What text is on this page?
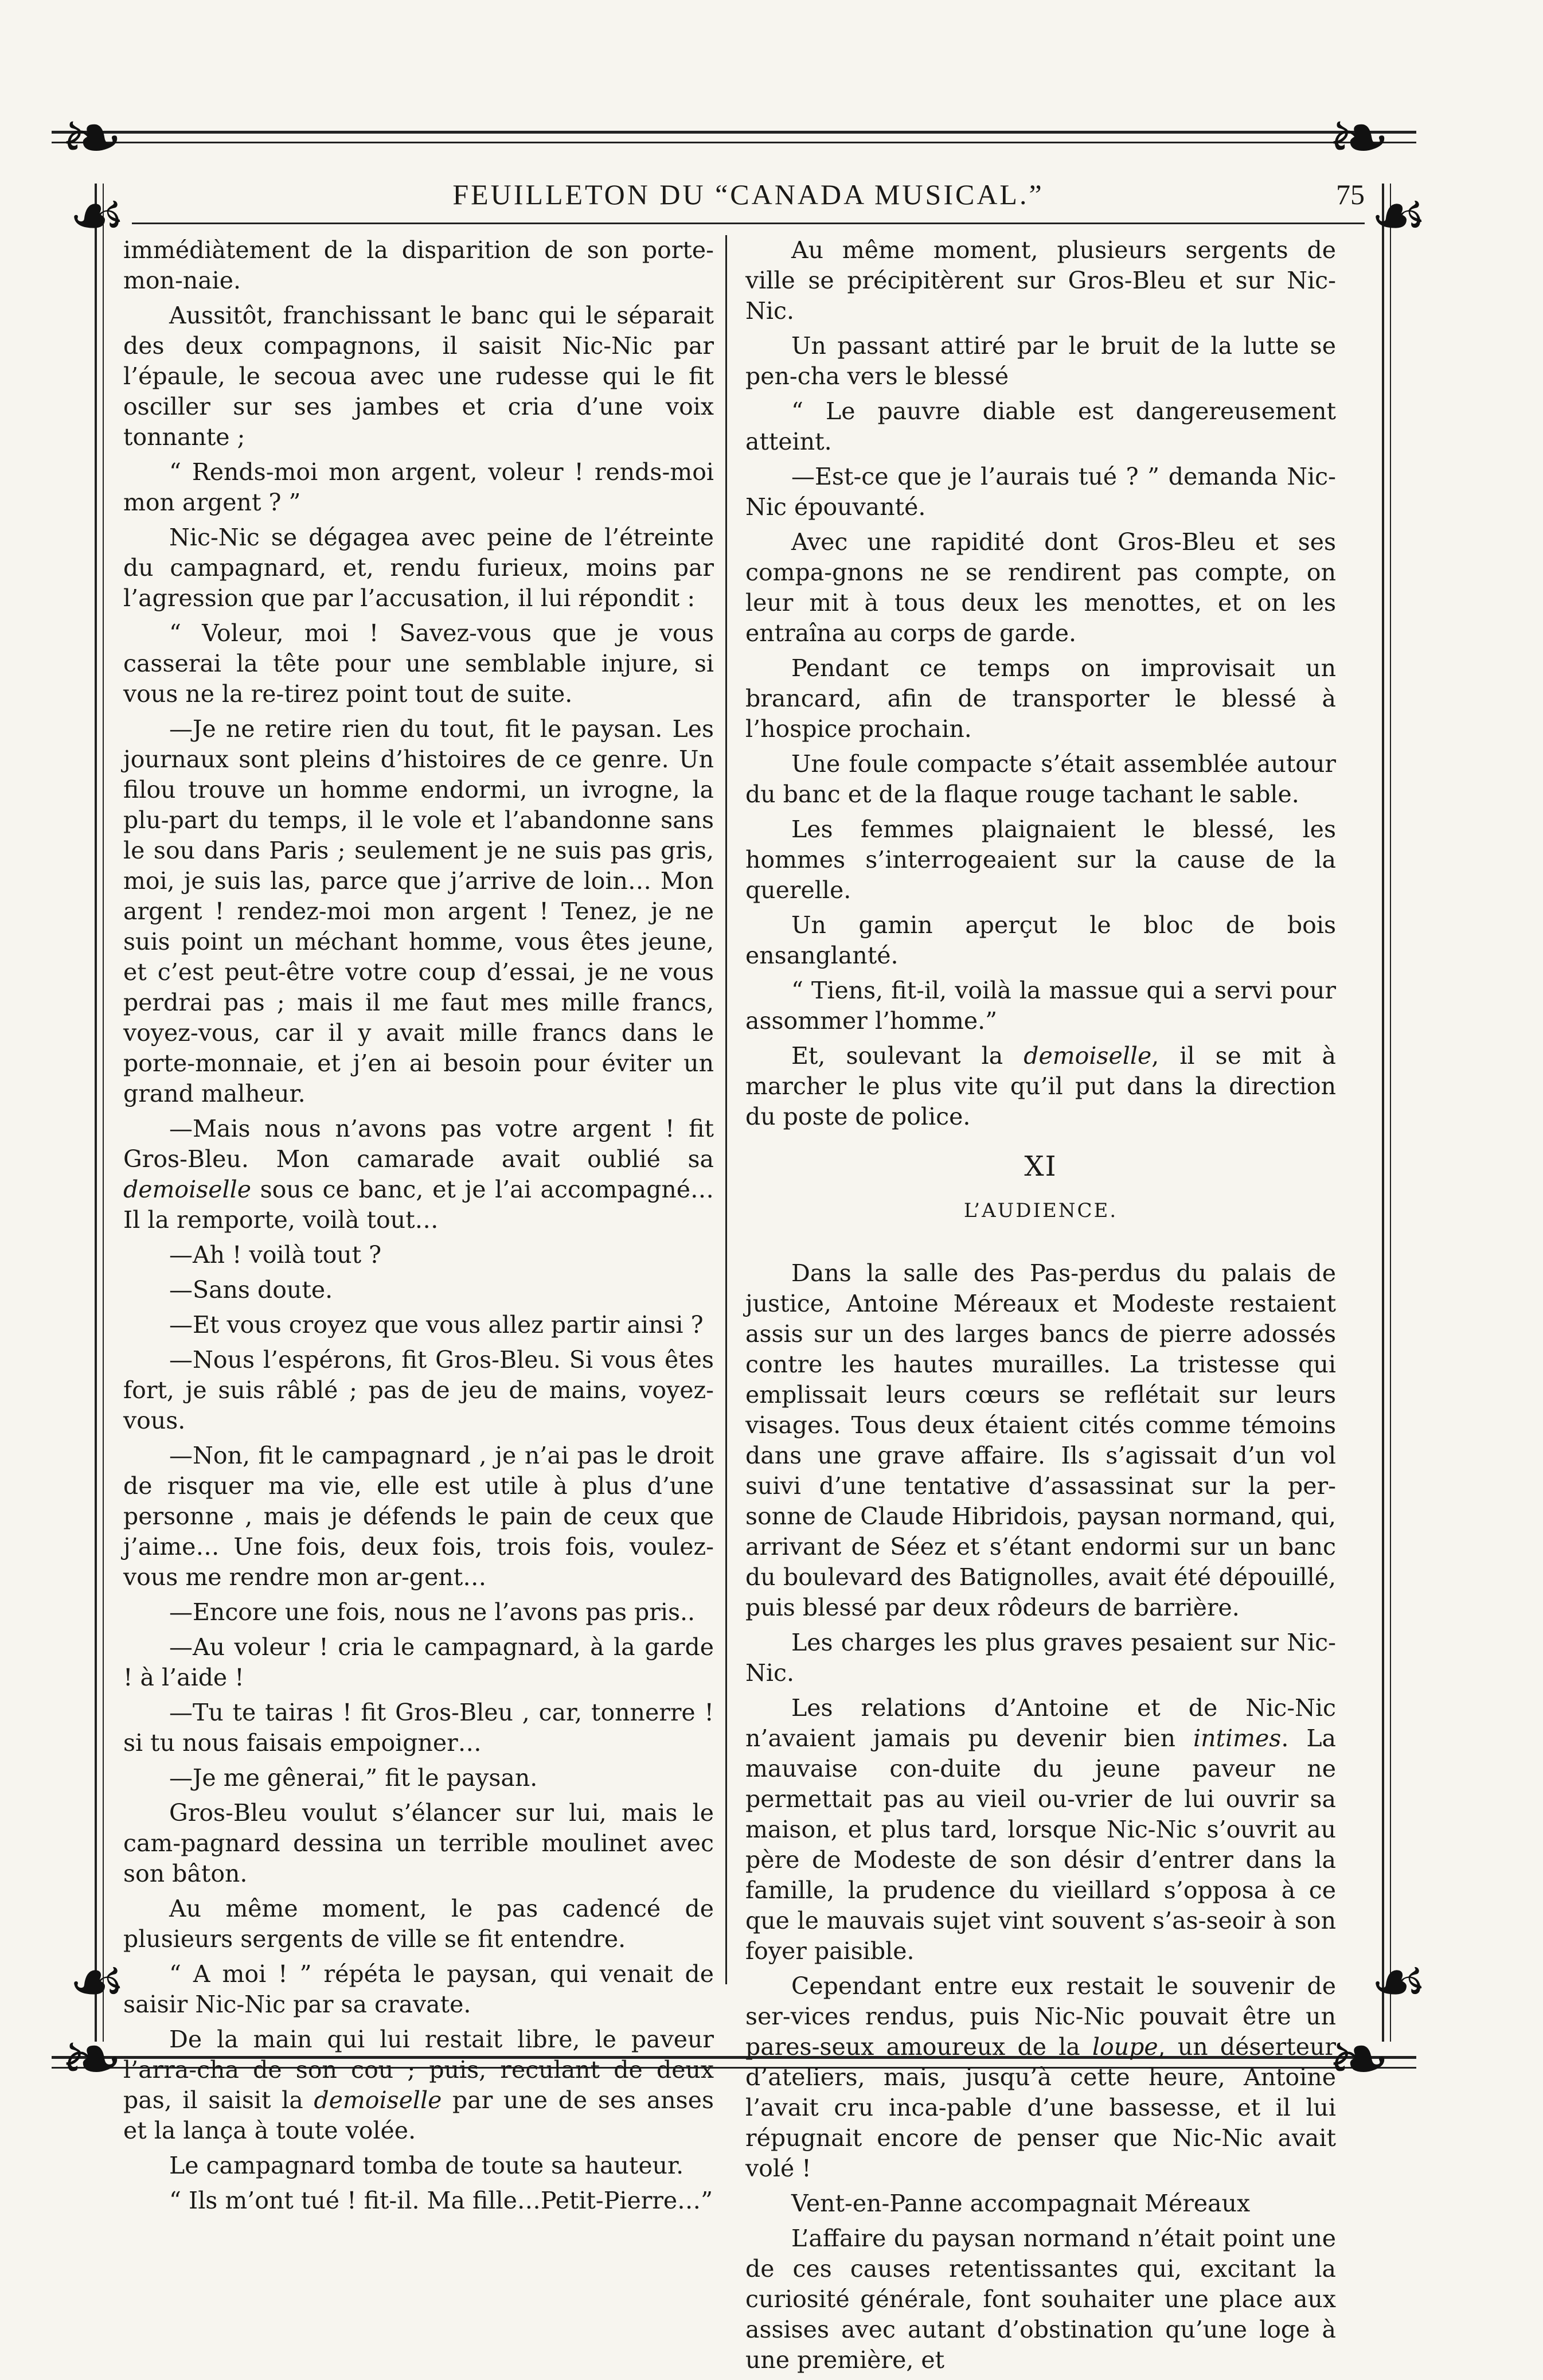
❧	❧
❧	❧
☙	☙
☙	☙
FEUILLETON DU “CANADA MUSICAL.”	75

immédiàtement de la disparition de son porte-mon-naie.

Aussitôt, franchissant le banc qui le séparait des deux compagnons, il saisit Nic-Nic par l’épaule, le secoua avec une rudesse qui le fit osciller sur ses jambes et cria d’une voix tonnante ;

“ Rends-moi mon argent, voleur ! rends-moi mon argent ? ”

Nic-Nic se dégagea avec peine de l’étreinte du campagnard, et, rendu furieux, moins par l’agression que par l’accusation, il lui répondit :

“ Voleur, moi ! Savez-vous que je vous casserai la tête pour une semblable injure, si vous ne la re-tirez point tout de suite.

—Je ne retire rien du tout, fit le paysan. Les journaux sont pleins d’histoires de ce genre. Un filou trouve un homme endormi, un ivrogne, la plu-part du temps, il le vole et l’abandonne sans le sou dans Paris ; seulement je ne suis pas gris, moi, je suis las, parce que j’arrive de loin… Mon argent ! rendez-moi mon argent ! Tenez, je ne suis point un méchant homme, vous êtes jeune, et c’est peut-être votre coup d’essai, je ne vous perdrai pas ; mais il me faut mes mille francs, voyez-vous, car il y avait mille francs dans le porte-monnaie, et j’en ai besoin pour éviter un grand malheur.

—Mais nous n’avons pas votre argent ! fit Gros-Bleu. Mon camarade avait oublié sa demoiselle sous ce banc, et je l’ai accompagné…Il la remporte, voilà tout…

—Ah ! voilà tout ?

—Sans doute.

—Et vous croyez que vous allez partir ainsi ?

—Nous l’espérons, fit Gros-Bleu. Si vous êtes fort, je suis râblé ; pas de jeu de mains, voyez-vous.

—Non, fit le campagnard , je n’ai pas le droit de risquer ma vie, elle est utile à plus d’une personne , mais je défends le pain de ceux que j’aime… Une fois, deux fois, trois fois, voulez-vous me rendre mon ar-gent…

—Encore une fois, nous ne l’avons pas pris..

—Au voleur ! cria le campagnard, à la garde ! à l’aide !

—Tu te tairas ! fit Gros-Bleu , car, tonnerre ! si tu nous faisais empoigner…

—Je me gênerai,” fit le paysan.

Gros-Bleu voulut s’élancer sur lui, mais le cam-pagnard dessina un terrible moulinet avec son bâton.

Au même moment, le pas cadencé de plusieurs sergents de ville se fit entendre.

“ A moi ! ” répéta le paysan, qui venait de saisir Nic-Nic par sa cravate.

De la main qui lui restait libre, le paveur l’arra-cha de son cou ; puis, reculant de deux pas, il saisit la demoiselle par une de ses anses et la lança à toute volée.

Le campagnard tomba de toute sa hauteur.

“ Ils m’ont tué ! fit-il. Ma fille…Petit-Pierre…”

Au même moment, plusieurs sergents de ville se précipitèrent sur Gros-Bleu et sur Nic-Nic.

Un passant attiré par le bruit de la lutte se pen-cha vers le blessé

“ Le pauvre diable est dangereusement atteint.

—Est-ce que je l’aurais tué ? ” demanda Nic-Nic épouvanté.

Avec une rapidité dont Gros-Bleu et ses compa-gnons ne se rendirent pas compte, on leur mit à tous deux les menottes, et on les entraîna au corps de garde.

Pendant ce temps on improvisait un brancard, afin de transporter le blessé à l’hospice prochain.

Une foule compacte s’était assemblée autour du banc et de la flaque rouge tachant le sable.

Les femmes plaignaient le blessé, les hommes s’interrogeaient sur la cause de la querelle.

Un gamin aperçut le bloc de bois ensanglanté.

“ Tiens, fit-il, voilà la massue qui a servi pour assommer l’homme.”

Et, soulevant la demoiselle, il se mit à marcher le plus vite qu’il put dans la direction du poste de police.

XI
L’AUDIENCE.

Dans la salle des Pas-perdus du palais de justice, Antoine Méreaux et Modeste restaient assis sur un des larges bancs de pierre adossés contre les hautes murailles. La tristesse qui emplissait leurs cœurs se reflétait sur leurs visages. Tous deux étaient cités comme témoins dans une grave affaire. Ils s’agissait d’un vol suivi d’une tentative d’assassinat sur la per-sonne de Claude Hibridois, paysan normand, qui, arrivant de Séez et s’étant endormi sur un banc du boulevard des Batignolles, avait été dépouillé, puis blessé par deux rôdeurs de barrière.

Les charges les plus graves pesaient sur Nic-Nic.

Les relations d’Antoine et de Nic-Nic n’avaient jamais pu devenir bien intimes. La mauvaise con-duite du jeune paveur ne permettait pas au vieil ou-vrier de lui ouvrir sa maison, et plus tard, lorsque Nic-Nic s’ouvrit au père de Modeste de son désir d’entrer dans la famille, la prudence du vieillard s’opposa à ce que le mauvais sujet vint souvent s’as-seoir à son foyer paisible.

Cependant entre eux restait le souvenir de ser-vices rendus, puis Nic-Nic pouvait être un pares-seux amoureux de la loupe, un déserteur d’ateliers, mais, jusqu’à cette heure, Antoine l’avait cru inca-pable d’une bassesse, et il lui répugnait encore de penser que Nic-Nic avait volé !

Vent-en-Panne accompagnait Méreaux

L’affaire du paysan normand n’était point une de ces causes retentissantes qui, excitant la curiosité générale, font souhaiter une place aux assises avec autant d’obstination qu’une loge à une première, et
